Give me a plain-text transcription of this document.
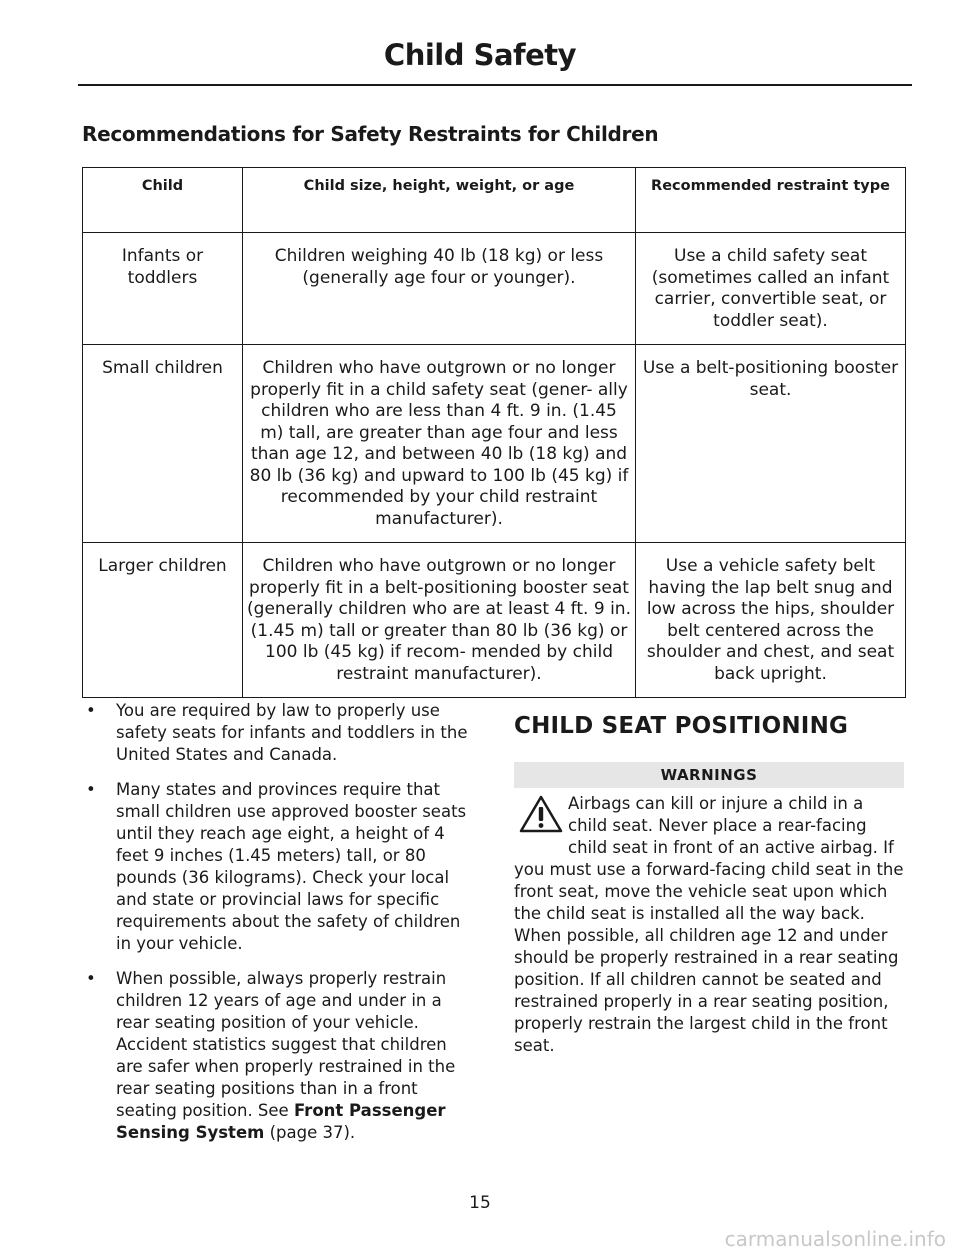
Child Safety
Recommendations for Safety Restraints for Children
Child	Child size, height, weight, or age	Recommended restraint type
Infants or toddlers	Children weighing 40 lb (18 kg) or less (generally age four or younger).	Use a child safety seat (sometimes called an infant carrier, convertible seat, or toddler seat).
Small children	Children who have outgrown or no longer properly fit in a child safety seat (gener- ally children who are less than 4 ft. 9 in. (1.45 m) tall, are greater than age four and less than age 12, and between 40 lb (18 kg) and 80 lb (36 kg) and upward to 100 lb (45 kg) if recommended by your child restraint manufacturer).	Use a belt-positioning booster seat.
Larger children	Children who have outgrown or no longer properly fit in a belt-positioning booster seat (generally children who are at least 4 ft. 9 in. (1.45 m) tall or greater than 80 lb (36 kg) or 100 lb (45 kg) if recom- mended by child restraint manufacturer).	Use a vehicle safety belt having the lap belt snug and low across the hips, shoulder belt centered across the shoulder and chest, and seat back upright.
• You are required by law to properly use safety seats for infants and toddlers in the United States and Canada.
• Many states and provinces require that small children use approved booster seats until they reach age eight, a height of 4 feet 9 inches (1.45 meters) tall, or 80 pounds (36 kilograms). Check your local and state or provincial laws for specific requirements about the safety of children in your vehicle.
• When possible, always properly restrain children 12 years of age and under in a rear seating position of your vehicle. Accident statistics suggest that children are safer when properly restrained in the rear seating positions than in a front seating position. See Front Passenger Sensing System (page 37).
CHILD SEAT POSITIONING
WARNINGS
Airbags can kill or injure a child in a child seat. Never place a rear-facing child seat in front of an active airbag. If you must use a forward-facing child seat in the front seat, move the vehicle seat upon which the child seat is installed all the way back. When possible, all children age 12 and under should be properly restrained in a rear seating position. If all children cannot be seated and restrained properly in a rear seating position, properly restrain the largest child in the front seat.
15
carmanualsonline.info
